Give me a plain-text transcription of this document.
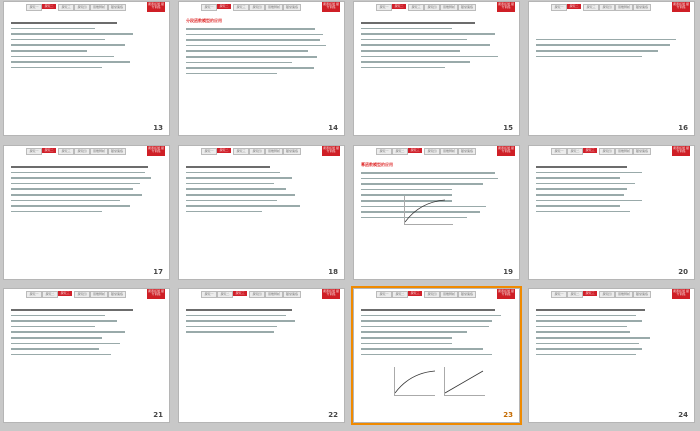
探究一	探究二	探究三	探究四	思维辨析	随堂演练
素养拓展 提升训练
13
探究一	探究二	探究三	探究四	思维辨析	随堂演练
素养拓展 提升训练
分段函数模型的应用
14
探究一	探究二	探究三	探究四	思维辨析	随堂演练
素养拓展 提升训练
15
探究一	探究二	探究三	探究四	思维辨析	随堂演练
素养拓展 提升训练
16
探究一	探究二	探究三	探究四	思维辨析	随堂演练
素养拓展 提升训练
17
探究一	探究二	探究三	探究四	思维辨析	随堂演练
素养拓展 提升训练
18
探究一	探究二	探究三	探究四	思维辨析	随堂演练
素养拓展 提升训练
幂函数模型的应用
19
探究一	探究二	探究三	探究四	思维辨析	随堂演练
素养拓展 提升训练
20
探究一	探究二	探究三	探究四	思维辨析	随堂演练
素养拓展 提升训练
21
探究一	探究二	探究三	探究四	思维辨析	随堂演练
素养拓展 提升训练
22
探究一	探究二	探究三	探究四	思维辨析	随堂演练
素养拓展 提升训练
23
探究一	探究二	探究三	探究四	思维辨析	随堂演练
素养拓展 提升训练
24
